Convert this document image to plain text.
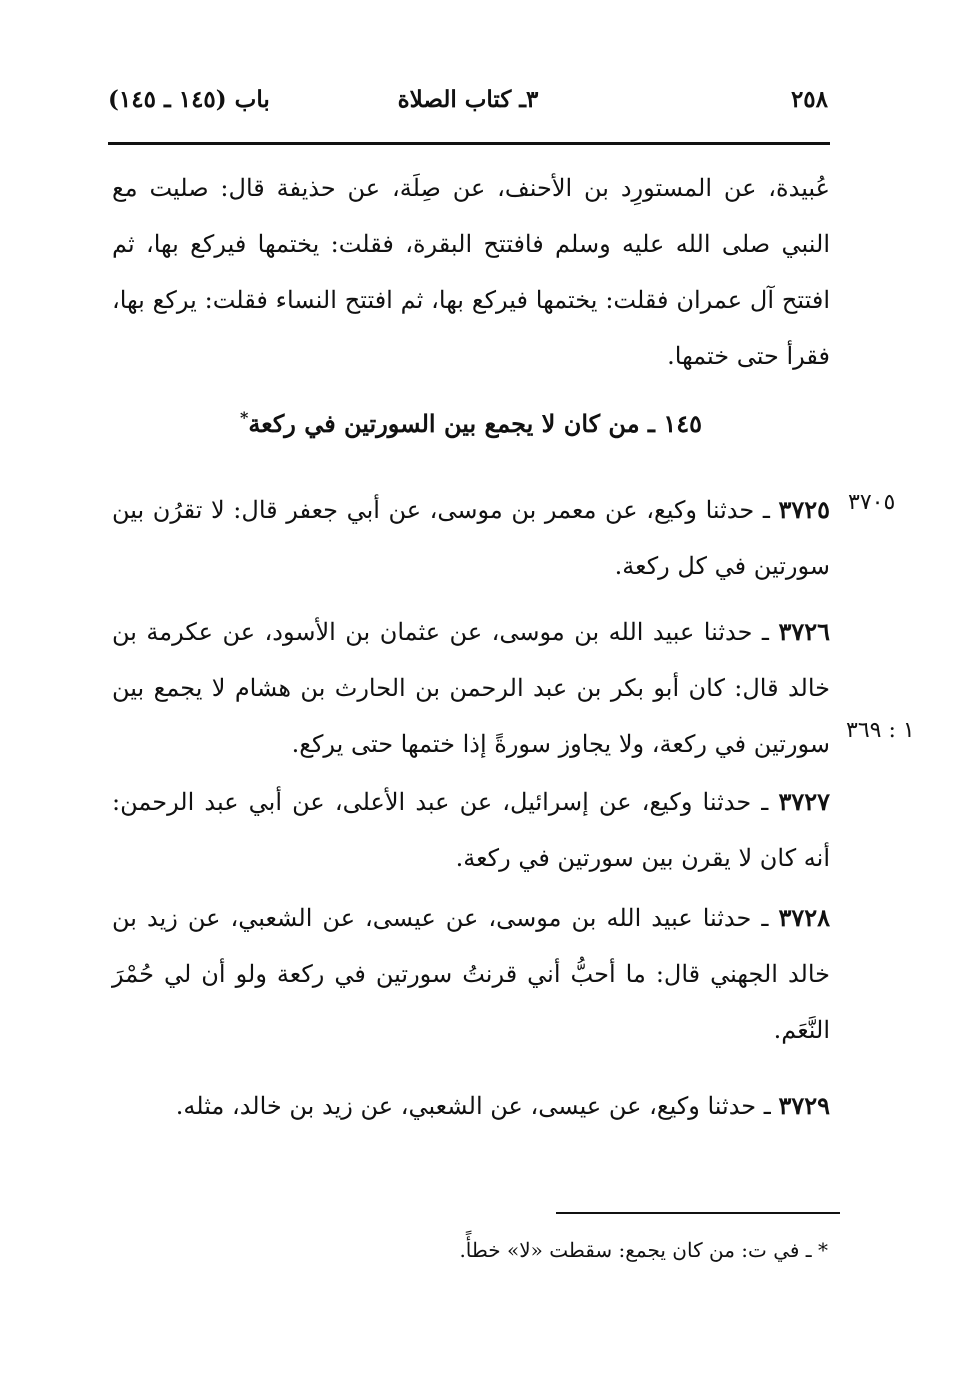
٢٥٨
٣ـ كتاب الصلاة
باب (١٤٥ ـ ١٤٥)
عُبيدة، عن المستورِد بن الأحنف، عن صِلَة، عن حذيفة قال: صليت مع النبي صلى الله عليه وسلم فافتتح البقرة، فقلت: يختمها فيركع بها، ثم افتتح آل عمران فقلت: يختمها فيركع بها، ثم افتتح النساء فقلت: يركع بها، فقرأ حتى ختمها.
١٤٥ ـ من كان لا يجمع بين السورتين في ركعة*
٣٧٢٥ ـ حدثنا وكيع، عن معمر بن موسى، عن أبي جعفر قال: لا تقرُن بين سورتين في كل ركعة.
٣٧٠٥
٣٧٢٦ ـ حدثنا عبيد الله بن موسى، عن عثمان بن الأسود، عن عكرمة بن خالد قال: كان أبو بكر بن عبد الرحمن بن الحارث بن هشام لا يجمع بين سورتين في ركعة، ولا يجاوز سورةً إذا ختمها حتى يركع. ١ : ٣٦٩
٣٧٢٧ ـ حدثنا وكيع، عن إسرائيل، عن عبد الأعلى، عن أبي عبد الرحمن: أنه كان لا يقرن بين سورتين في ركعة.
٣٧٢٨ ـ حدثنا عبيد الله بن موسى، عن عيسى، عن الشعبي، عن زيد بن خالد الجهني قال: ما أحبُّ أني قرنتُ سورتين في ركعة ولو أن لي حُمْرَ النَّعَم.
٣٧٢٩ ـ حدثنا وكيع، عن عيسى، عن الشعبي، عن زيد بن خالد، مثله.
* ـ في ت: من كان يجمع: سقطت «لا» خطأً.
